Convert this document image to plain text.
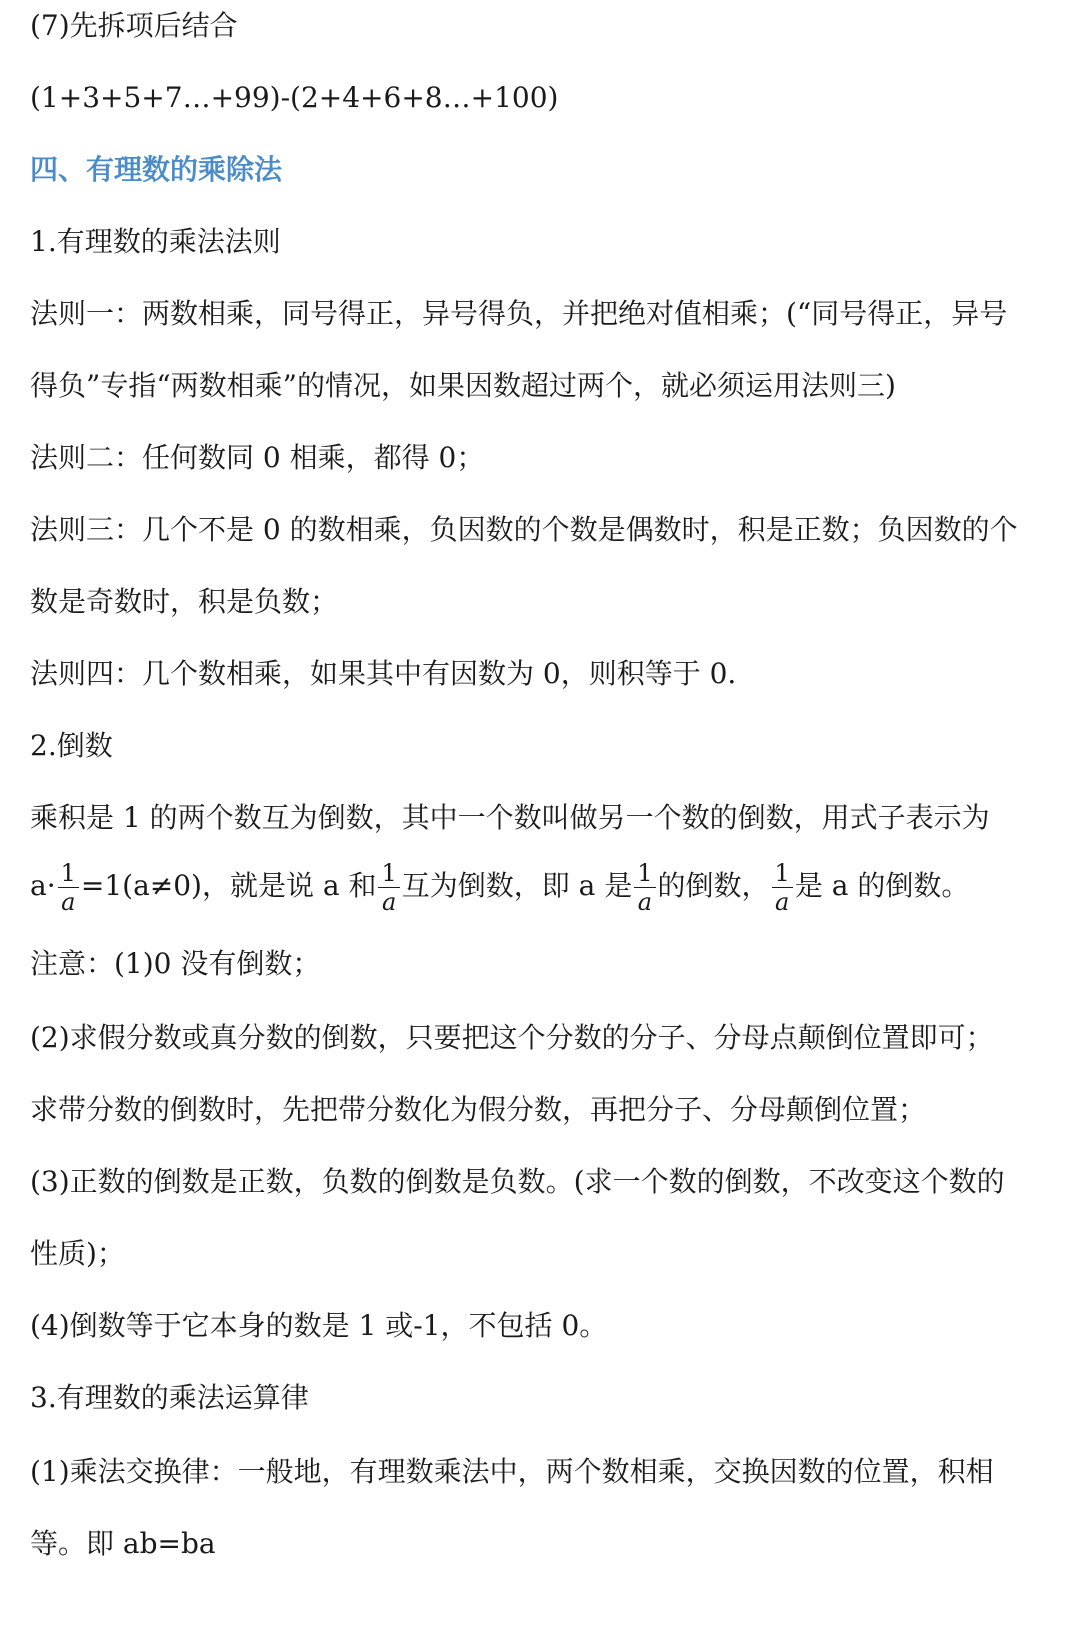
(7)先拆项后结合
(1+3+5+7…+99)-(2+4+6+8…+100)
四、有理数的乘除法
1.有理数的乘法法则
法则一：两数相乘，同号得正，异号得负，并把绝对值相乘；(“同号得正，异号
得负”专指“两数相乘”的情况，如果因数超过两个，就必须运用法则三)
法则二：任何数同 0 相乘，都得 0；
法则三：几个不是 0 的数相乘，负因数的个数是偶数时，积是正数；负因数的个
数是奇数时，积是负数；
法则四：几个数相乘，如果其中有因数为 0，则积等于 0.
2.倒数
乘积是 1 的两个数互为倒数，其中一个数叫做另一个数的倒数，用式子表示为
$a\cdot \frac{1}{a} =1(a\ne 0)$，就是说 a 和 $\frac{1}{a}$ 互为倒数，即 a 是 $\frac{1}{a}$ 的倒数， $\frac{1}{a}$ 是 a 的倒数。
注意：(1)0 没有倒数；
(2)求假分数或真分数的倒数，只要把这个分数的分子、分母点颠倒位置即可；
求带分数的倒数时，先把带分数化为假分数，再把分子、分母颠倒位置；
(3)正数的倒数是正数，负数的倒数是负数。(求一个数的倒数，不改变这个数的
性质)；
(4)倒数等于它本身的数是 1 或-1，不包括 0。
3.有理数的乘法运算律
(1)乘法交换律：一般地，有理数乘法中，两个数相乘，交换因数的位置，积相
等。即 ab=ba
